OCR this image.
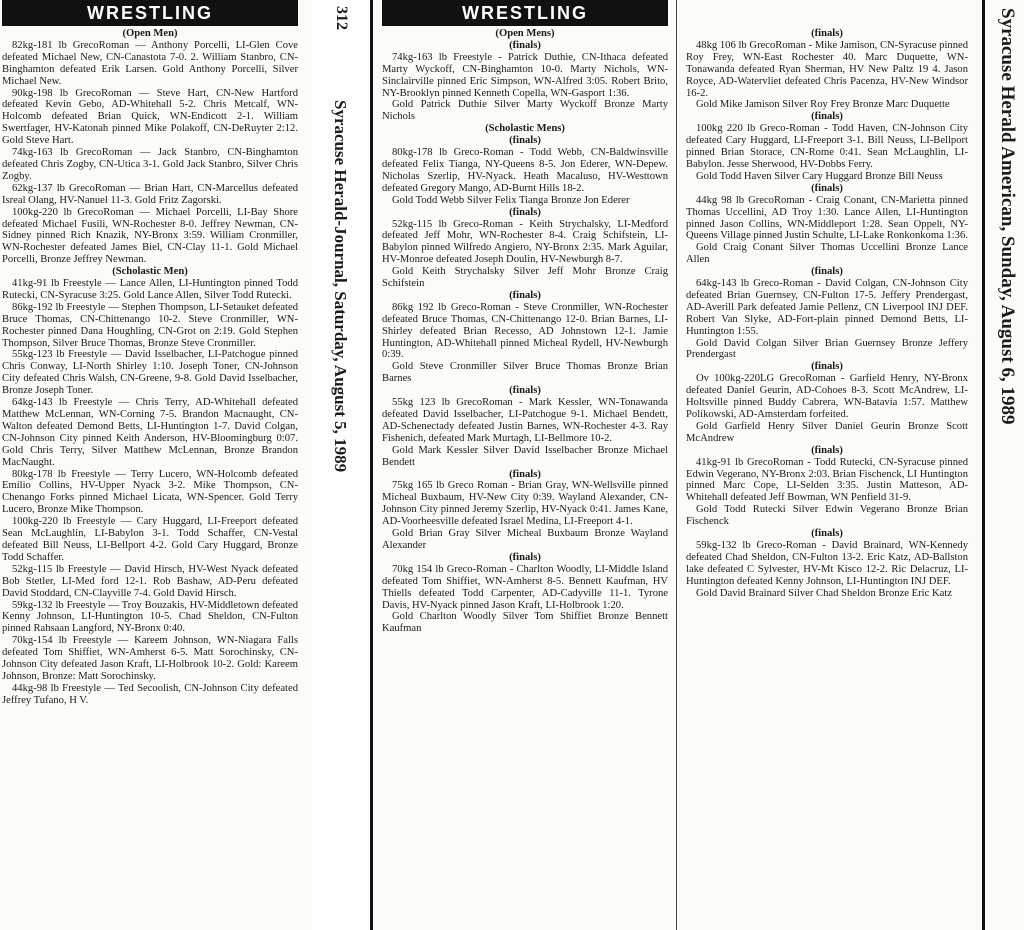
WRESTLING

(Open Men)

82kg-181 lb GrecoRoman — Anthony Porcelli, LI-Glen Cove defeated Michael New, CN-Canastota 7-0. 2. William Stanbro, CN-Binghamton defeated Erik Larsen. Gold Anthony Porcelli, Silver Michael New.

90kg-198 lb GrecoRoman — Steve Hart, CN-New Hartford defeated Kevin Gebo, AD-Whitehall 5-2. Chris Metcalf, WN-Holcomb defeated Brian Quick, WN-Endicott 2-1. William Swertfager, HV-Katonah pinned Mike Polakoff, CN-DeRuyter 2:12. Gold Steve Hart.

74kg-163 lb GrecoRoman — Jack Stanbro, CN-Binghamton defeated Chris Zogby, CN-Utica 3-1. Gold Jack Stanbro, Silver Chris Zogby.

62kg-137 lb GrecoRoman — Brian Hart, CN-Marcellus defeated Isreal Olang, HV-Nanuel 11-3. Gold Fritz Zagorski.

100kg-220 lb GrecoRoman — Michael Porcelli, LI-Bay Shore defeated Michael Fusili, WN-Rochester 8-0. Jeffrey Newman, CN-Sidney pinned Rich Knazik, NY-Bronx 3:59. William Cronmiller, WN-Rochester defeated James Biel, CN-Clay 11-1. Gold Michael Porcelli, Bronze Jeffrey Newman.

(Scholastic Men)

41kg-91 lb Freestyle — Lance Allen, LI-Huntington pinned Todd Rutecki, CN-Syracuse 3:25. Gold Lance Allen, Silver Todd Rutecki.

86kg-192 lb Freestyle — Stephen Thompson, LI-Setauket defeated Bruce Thomas, CN-Chittenango 10-2. Steve Cronmiller, WN-Rochester pinned Dana Houghling, CN-Grot on 2:19. Gold Stephen Thompson, Silver Bruce Thomas, Bronze Steve Cronmiller.

55kg-123 lb Freestyle — David Isselbacher, LI-Patchogue pinned Chris Conway, LI-North Shirley 1:10. Joseph Toner, CN-Johnson City defeated Chris Walsh, CN-Greene, 9-8. Gold David Isselbacher, Bronze Joseph Toner.

64kg-143 lb Freestyle — Chris Terry, AD-Whitehall defeated Matthew McLennan, WN-Corning 7-5. Brandon Macnaught, CN-Walton defeated Demond Betts, LI-Huntington 1-7. David Colgan, CN-Johnson City pinned Keith Anderson, HV-Bloomingburg 0:07. Gold Chris Terry, Silver Matthew McLennan, Bronze Brandon MacNaught.

80kg-178 lb Freestyle — Terry Lucero, WN-Holcomb defeated Emilio Collins, HV-Upper Nyack 3-2. Mike Thompson, CN-Chenango Forks pinned Michael Licata, WN-Spencer. Gold Terry Lucero, Bronze Mike Thompson.

100kg-220 lb Freestyle — Cary Huggard, LI-Freeport defeated Sean McLaughlin, LI-Babylon 3-1. Todd Schaffer, CN-Vestal defeated Bill Neuss, LI-Bellport 4-2. Gold Cary Huggard, Bronze Todd Schaffer.

52kg-115 lb Freestyle — David Hirsch, HV-West Nyack defeated Bob Stetler, LI-Med ford 12-1. Rob Bashaw, AD-Peru defeated David Stoddard, CN-Clayville 7-4. Gold David Hirsch.

59kg-132 lb Freestyle — Troy Bouzakis, HV-Middletown defeated Kenny Johnson, LI-Huntington 10-5. Chad Sheldon, CN-Fulton pinned Rahsaan Langford, NY-Bronx 0:40.

70kg-154 lb Freestyle — Kareem Johnson, WN-Niagara Falls defeated Tom Shiffiet, WN-Amherst 6-5. Matt Sorochinsky, CN-Johnson City defeated Jason Kraft, LI-Holbrook 10-2. Gold: Kareem Johnson, Bronze: Matt Sorochinsky.

44kg-98 lb Freestyle — Ted Secoolish, CN-Johnson City defeated Jeffrey Tufano, H V.

312
Syracuse Herald-Journal, Saturday, August 5, 1989
WRESTLING

(Open Mens)

(finals)

74kg-163 lb Freestyle - Patrick Duthie, CN-Ithaca defeated Marty Wyckoff, CN-Binghamton 10-0. Marty Nichols, WN-Sinclairville pinned Eric Simpson, WN-Alfred 3:05. Robert Brito, NY-Brooklyn pinned Kenneth Copella, WN-Gasport 1:36.

Gold Patrick Duthie Silver Marty Wyckoff Bronze Marty Nichols

(Scholastic Mens)

(finals)

80kg-178 lb Greco-Roman - Todd Webb, CN-Baldwinsville defeated Felix Tianga, NY-Queens 8-5. Jon Ederer, WN-Depew. Nicholas Szerlip, HV-Nyack. Heath Macaluso, HV-Westtown defeated Gregory Mango, AD-Burnt Hills 18-2.

Gold Todd Webb Silver Felix Tianga Bronze Jon Ederer

(finals)

52kg-115 lb Greco-Roman - Keith Strychalsky, LI-Medford defeated Jeff Mohr, WN-Rochester 8-4. Craig Schifstein, LI-Babylon pinned Wilfredo Angiero, NY-Bronx 2:35. Mark Aguilar, HV-Monroe defeated Joseph Doulin, HV-Newburgh 8-7.

Gold Keith Strychalsky Silver Jeff Mohr Bronze Craig Schifstein

(finals)

86kg 192 lb Greco-Roman - Steve Cronmiller, WN-Rochester defeated Bruce Thomas, CN-Chittenango 12-0. Brian Barnes, LI-Shirley defeated Brian Recesso, AD Johnstown 12-1. Jamie Huntington, AD-Whitehall pinned Micheal Rydell, HV-Newburgh 0:39.

Gold Steve Cronmiller Silver Bruce Thomas Bronze Brian Barnes

(finals)

55kg 123 lb GrecoRoman - Mark Kessler, WN-Tonawanda defeated David Isselbacher, LI-Patchogue 9-1. Michael Bendett, AD-Schenectady defeated Justin Barnes, WN-Rochester 4-3. Ray Fishenich, defeated Mark Murtagh, LI-Bellmore 10-2.

Gold Mark Kessler Silver David Isselbacher Bronze Michael Bendett

(finals)

75kg 165 lb Greco Roman - Brian Gray, WN-Wellsville pinned Micheal Buxbaum, HV-New City 0:39. Wayland Alexander, CN-Johnson City pinned Jeremy Szerlip, HV-Nyack 0:41. James Kane, AD-Voorheesville defeated Israel Medina, LI-Freeport 4-1.

Gold Brian Gray Silver Micheal Buxbaum Bronze Wayland Alexander

(finals)

70kg 154 lb Greco-Roman - Charlton Woodly, LI-Middle Island defeated Tom Shiffiet, WN-Amherst 8-5. Bennett Kaufman, HV Thiells defeated Todd Carpenter, AD-Cadyville 11-1. Tyrone Davis, HV-Nyack pinned Jason Kraft, LI-Holbrook 1:20.

Gold Charlton Woodly Silver Tom Shiffiet Bronze Bennett Kaufman

(finals)

48kg 106 lb GrecoRoman - Mike Jamison, CN-Syracuse pinned Roy Frey, WN-East Rochester 40. Marc Duquette, WN-Tonawanda defeated Ryan Sherman, HV New Paltz 19 4. Jason Royce, AD-Watervliet defeated Chris Pacenza, HV-New Windsor 16-2.

Gold Mike Jamison Silver Roy Frey Bronze Marc Duquette

(finals)

100kg 220 lb Greco-Roman - Todd Haven, CN-Johnson City defeated Cary Huggard, LI-Freeport 3-1. Bill Neuss, LI-Bellport pinned Brian Storace, CN-Rome 0:41. Sean McLaughlin, LI-Babylon. Jesse Sherwood, HV-Dobbs Ferry.

Gold Todd Haven Silver Cary Huggard Bronze Bill Neuss

(finals)

44kg 98 lb GrecoRoman - Craig Conant, CN-Marietta pinned Thomas Uccellini, AD Troy 1:30. Lance Allen, LI-Huntington pinned Jason Collins, WN-Middleport 1:28. Sean Oppelt, NY-Queens Village pinned Justin Schulte, LI-Lake Ronkonkoma 1:36.

Gold Craig Conant Silver Thomas Uccellini Bronze Lance Allen

(finals)

64kg-143 lb Greco-Roman - David Colgan, CN-Johnson City defeated Brian Guernsey, CN-Fulton 17-5. Jeffery Prendergast, AD-Averill Park defeated Jamie Pellenz, CN Liverpool INJ DEF. Robert Van Slyke, AD-Fort-plain pinned Demond Betts, LI-Huntington 1:55.

Gold David Colgan Silver Brian Guernsey Bronze Jeffery Prendergast

(finals)

Ov 100kg-220LG GrecoRoman - Garfield Henry, NY-Bronx defeated Daniel Geurin, AD-Cohoes 8-3. Scott McAndrew, LI-Holtsville pinned Buddy Cabrera, WN-Batavia 1:57. Matthew Polikowski, AD-Amsterdam forfeited.

Gold Garfield Henry Silver Daniel Geurin Bronze Scott McAndrew

(finals)

41kg-91 lb GrecoRoman - Todd Rutecki, CN-Syracuse pinned Edwin Vegerano, NY-Bronx 2:03. Brian Fischenck, LI Huntington pinned Marc Cope, LI-Selden 3:35. Justin Matteson, AD-Whitehall defeated Jeff Bowman, WN Penfield 31-9.

Gold Todd Rutecki Silver Edwin Vegerano Bronze Brian Fischenck

(finals)

59kg-132 lb Greco-Roman - David Brainard, WN-Kennedy defeated Chad Sheldon, CN-Fulton 13-2. Eric Katz, AD-Ballston lake defeated C Sylvester, HV-Mt Kisco 12-2. Ric Delacruz, LI-Huntington defeated Kenny Johnson, LI-Huntington INJ DEF.

Gold David Brainard Silver Chad Sheldon Bronze Eric Katz

Syracuse Herald American, Sunday, August 6, 1989
